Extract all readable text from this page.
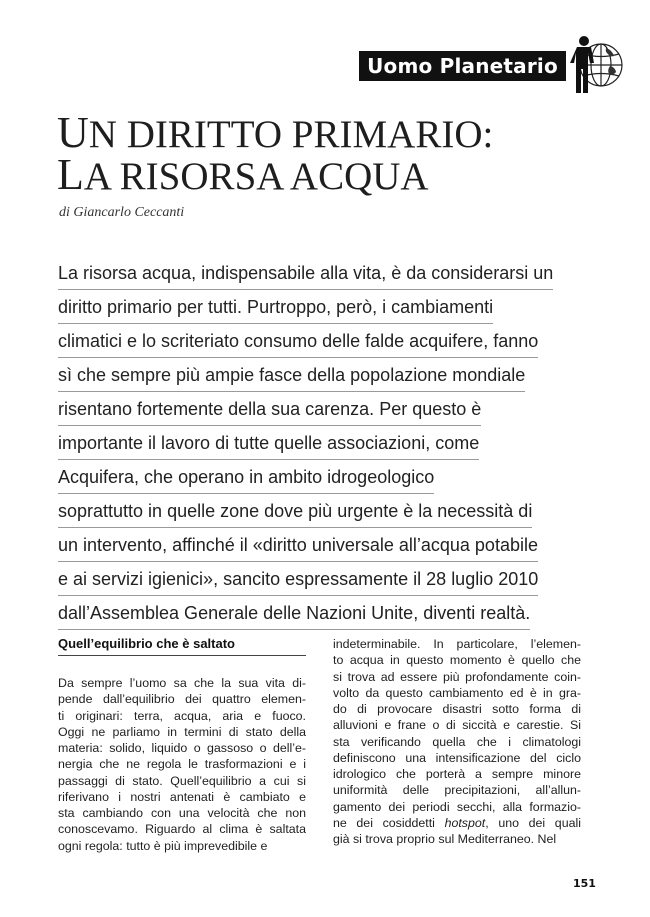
Uomo Planetario
UN DIRITTO PRIMARIO:
LA RISORSA ACQUA
di Giancarlo Ceccanti
La risorsa acqua, indispensabile alla vita, è da considerarsi un
diritto primario per tutti. Purtroppo, però, i cambiamenti
climatici e lo scriteriato consumo delle falde acquifere, fanno
sì che sempre più ampie fasce della popolazione mondiale
risentano fortemente della sua carenza. Per questo è
importante il lavoro di tutte quelle associazioni, come
Acquifera, che operano in ambito idrogeologico
soprattutto in quelle zone dove più urgente è la necessità di
un intervento, affinché il «diritto universale all’acqua potabile
e ai servizi igienici», sancito espressamente il 28 luglio 2010
dall’Assemblea Generale delle Nazioni Unite, diventi realtà.
Quell’equilibrio che è saltato
Da sempre l’uomo sa che la sua vita di-
pende dall’equilibrio dei quattro elemen-
ti originari: terra, acqua, aria e fuoco.
Oggi ne parliamo in termini di stato della
materia: solido, liquido o gassoso o dell’e-
nergia che ne regola le trasformazioni e i
passaggi di stato. Quell’equilibrio a cui si
riferivano i nostri antenati è cambiato e
sta cambiando con una velocità che non
conoscevamo. Riguardo al clima è saltata
ogni regola: tutto è più imprevedibile e
indeterminabile. In particolare, l’elemen-
to acqua in questo momento è quello che
si trova ad essere più profondamente coin-
volto da questo cambiamento ed è in gra-
do di provocare disastri sotto forma di
alluvioni e frane o di siccità e carestie. Si
sta verificando quella che i climatologi
definiscono una intensificazione del ciclo
idrologico che porterà a sempre minore
uniformità delle precipitazioni, all’allun-
gamento dei periodi secchi, alla formazio-
ne dei cosiddetti hotspot, uno dei quali
già si trova proprio sul Mediterraneo. Nel
151
